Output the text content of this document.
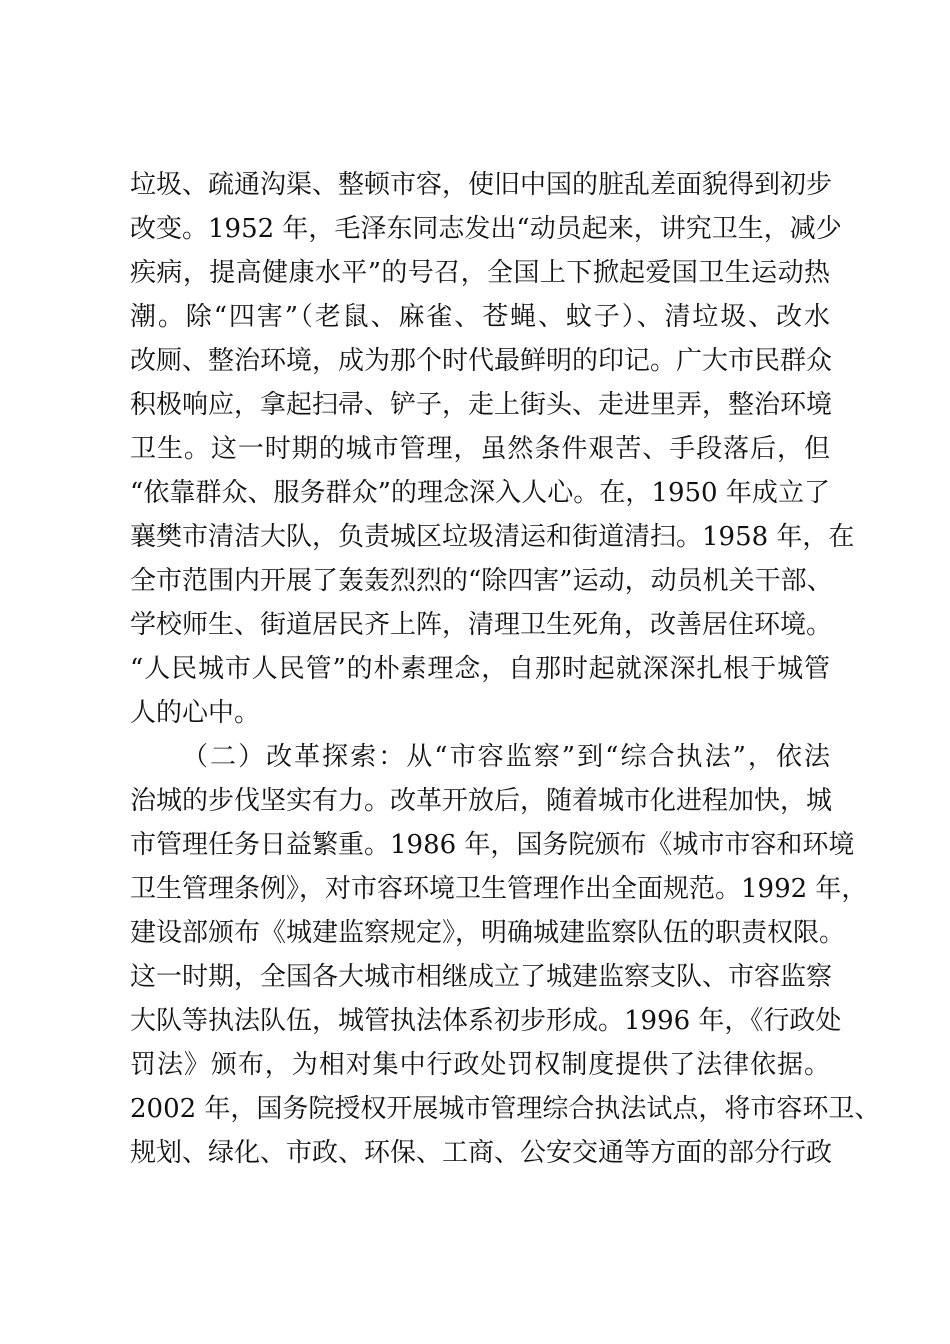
垃圾、疏通沟渠、整顿市容，使旧中国的脏乱差面貌得到初步
改变。1952 年，毛泽东同志发出“动员起来，讲究卫生，减少
疾病，提高健康水平”的号召，全国上下掀起爱国卫生运动热
潮。除“四害”（老鼠、麻雀、苍蝇、蚊子）、清垃圾、改水
改厕、整治环境，成为那个时代最鲜明的印记。广大市民群众
积极响应，拿起扫帚、铲子，走上街头、走进里弄，整治环境
卫生。这一时期的城市管理，虽然条件艰苦、手段落后，但
“依靠群众、服务群众”的理念深入人心。在，1950 年成立了
襄樊市清洁大队，负责城区垃圾清运和街道清扫。1958 年，在
全市范围内开展了轰轰烈烈的“除四害”运动，动员机关干部、
学校师生、街道居民齐上阵，清理卫生死角，改善居住环境。
“人民城市人民管”的朴素理念，自那时起就深深扎根于城管
人的心中。
（二）改革探索：从“市容监察”到“综合执法”，依法
治城的步伐坚实有力。改革开放后，随着城市化进程加快，城
市管理任务日益繁重。1986 年，国务院颁布《城市市容和环境
卫生管理条例》，对市容环境卫生管理作出全面规范。1992 年，
建设部颁布《城建监察规定》，明确城建监察队伍的职责权限。
这一时期，全国各大城市相继成立了城建监察支队、市容监察
大队等执法队伍，城管执法体系初步形成。1996 年，《行政处
罚法》颁布，为相对集中行政处罚权制度提供了法律依据。
2002 年，国务院授权开展城市管理综合执法试点，将市容环卫、
规划、绿化、市政、环保、工商、公安交通等方面的部分行政
